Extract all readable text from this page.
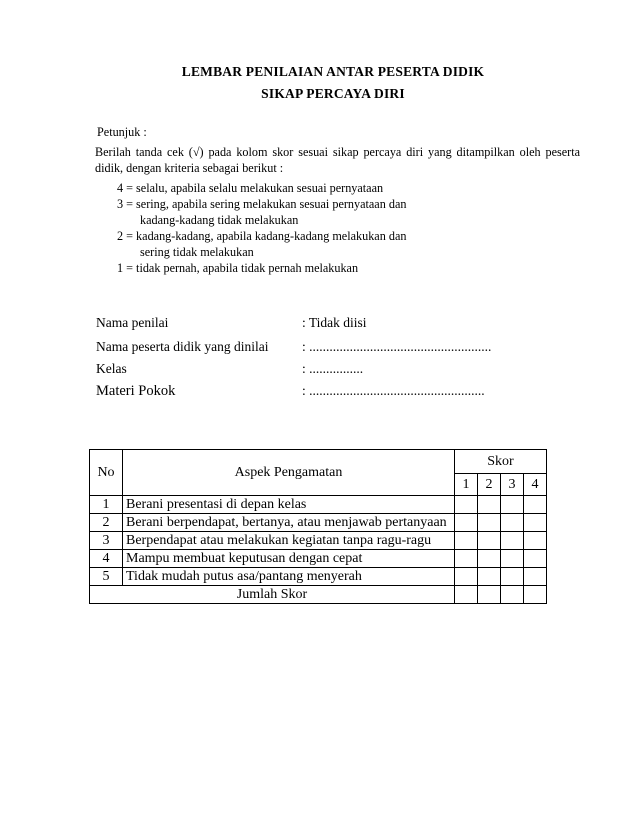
LEMBAR PENILAIAN ANTAR PESERTA DIDIK
SIKAP PERCAYA DIRI
Petunjuk :
Berilah tanda cek (√) pada kolom skor sesuai sikap percaya diri yang ditampilkan oleh peserta didik, dengan kriteria sebagai berikut :
4 = selalu, apabila selalu melakukan sesuai pernyataan
3 = sering, apabila sering melakukan sesuai pernyataan dan
kadang-kadang tidak melakukan
2 = kadang-kadang, apabila kadang-kadang melakukan dan
sering tidak melakukan
1 = tidak pernah, apabila tidak pernah melakukan
Nama penilai	: Tidak diisi
Nama peserta didik yang dinilai : ......................................................
Kelas	: ................
Materi Pokok	: ....................................................
No	Aspek Pengamatan	Skor			
		1	2	3	4
1	Berani presentasi di depan kelas				
2	Berani berpendapat, bertanya, atau menjawab pertanyaan				
3	Berpendapat atau melakukan kegiatan tanpa ragu-ragu				
4	Mampu membuat keputusan dengan cepat				
5	Tidak mudah putus asa/pantang menyerah				
Jumlah Skor					
